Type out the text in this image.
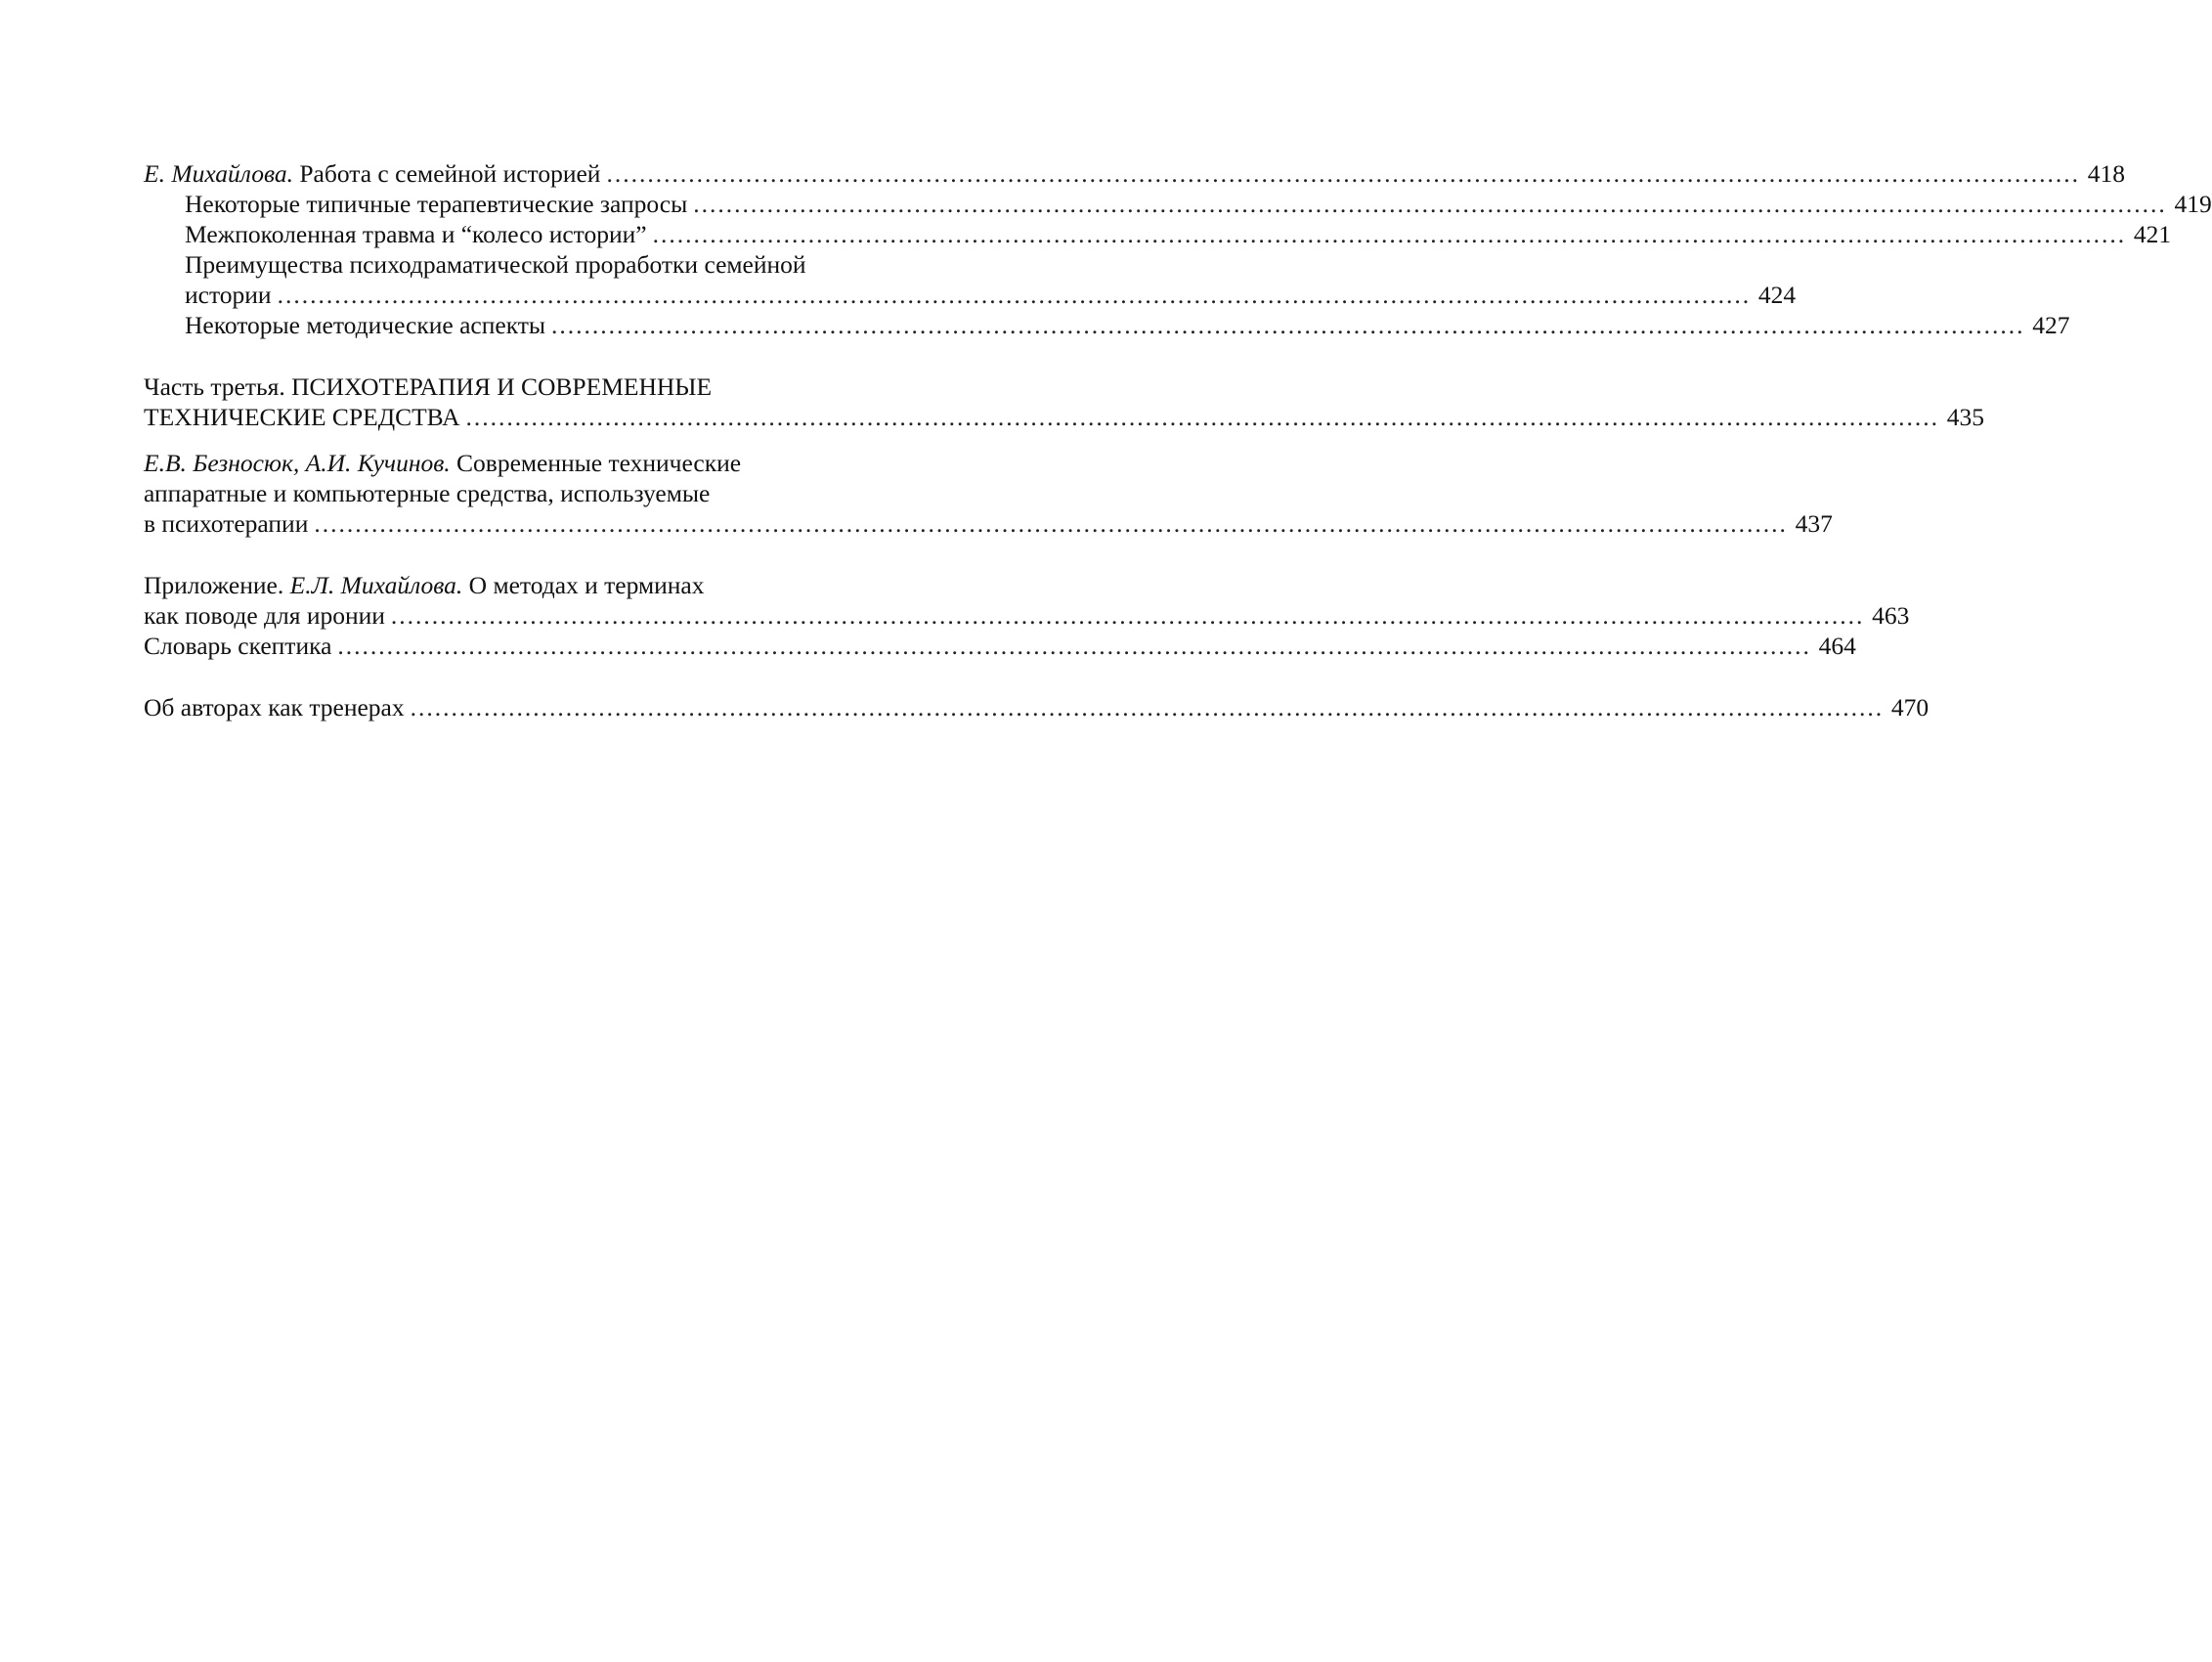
Е. Михайлова. Работа с семейной историей .................................................................................................................................................................................... 418
Некоторые типичные терапевтические запросы .................................................................................................................................................................................... 419
Межпоколенная травма и “колесо истории” .................................................................................................................................................................................... 421
Преимущества психодраматической проработки семейной
истории .................................................................................................................................................................................... 424
Некоторые методические аспекты .................................................................................................................................................................................... 427
Часть третья. ПСИХОТЕРАПИЯ И СОВРЕМЕННЫЕ
ТЕХНИЧЕСКИЕ СРЕДСТВА .................................................................................................................................................................................... 435
Е.В. Безносюк, А.И. Кучинов. Современные технические
аппаратные и компьютерные средства, используемые
в психотерапии .................................................................................................................................................................................... 437
Приложение. Е.Л. Михайлова. О методах и терминах
как поводе для иронии .................................................................................................................................................................................... 463
Словарь скептика .................................................................................................................................................................................... 464
Об авторах как тренерах .................................................................................................................................................................................... 470
